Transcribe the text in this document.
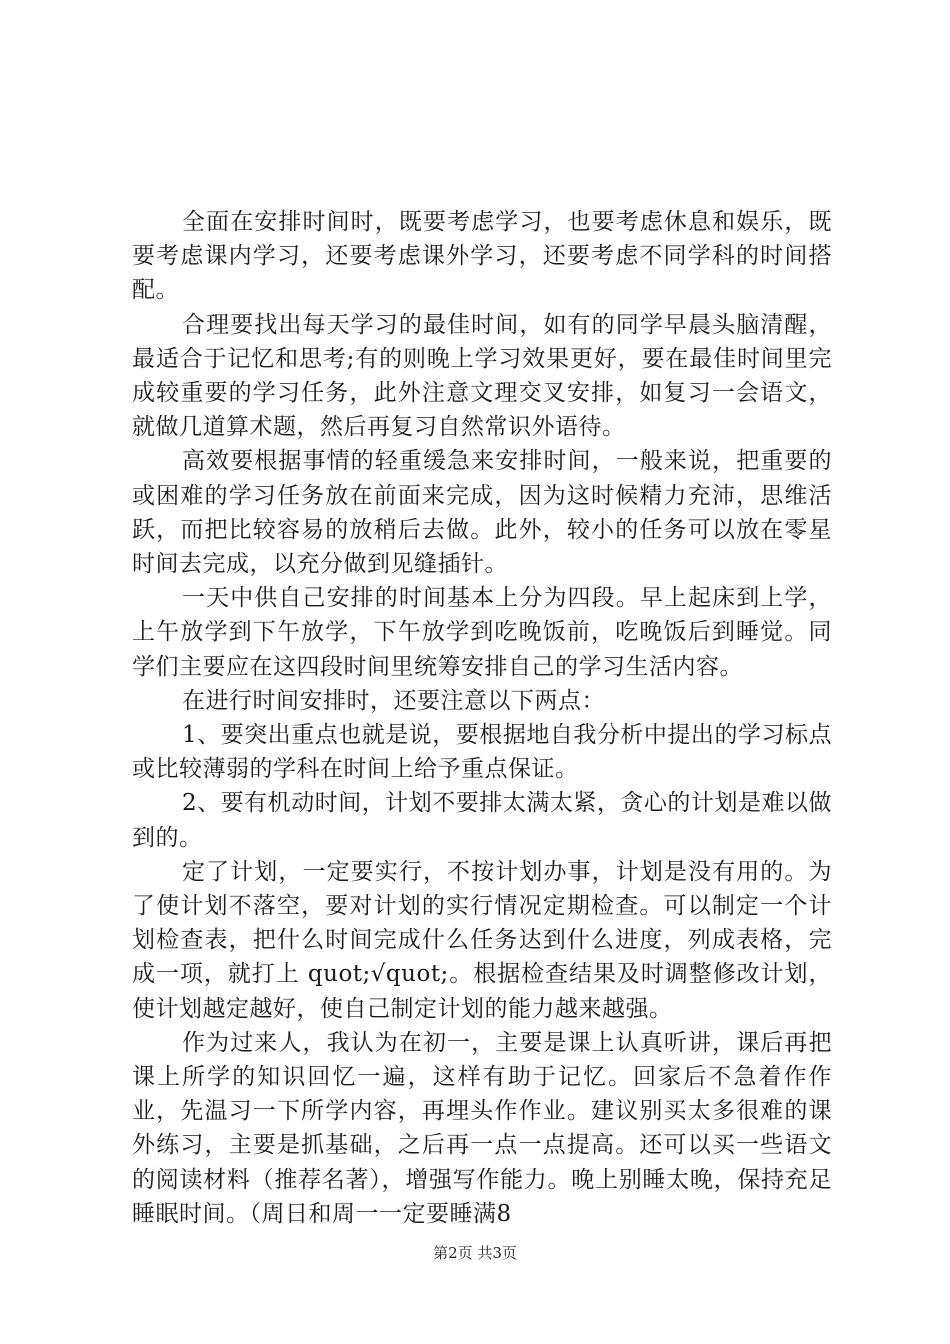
全面在安排时间时，既要考虑学习，也要考虑休息和娱乐，既要考虑课内学习，还要考虑课外学习，还要考虑不同学科的时间搭配。

合理要找出每天学习的最佳时间，如有的同学早晨头脑清醒，最适合于记忆和思考;有的则晚上学习效果更好，要在最佳时间里完成较重要的学习任务，此外注意文理交叉安排，如复习一会语文，就做几道算术题，然后再复习自然常识外语待。

高效要根据事情的轻重缓急来安排时间，一般来说，把重要的或困难的学习任务放在前面来完成，因为这时候精力充沛，思维活跃，而把比较容易的放稍后去做。此外，较小的任务可以放在零星时间去完成，以充分做到见缝插针。

一天中供自己安排的时间基本上分为四段。早上起床到上学，上午放学到下午放学，下午放学到吃晚饭前，吃晚饭后到睡觉。同学们主要应在这四段时间里统筹安排自己的学习生活内容。

在进行时间安排时，还要注意以下两点：

1、要突出重点也就是说，要根据地自我分析中提出的学习标点或比较薄弱的学科在时间上给予重点保证。

2、要有机动时间，计划不要排太满太紧，贪心的计划是难以做到的。

定了计划，一定要实行，不按计划办事，计划是没有用的。为了使计划不落空，要对计划的实行情况定期检查。可以制定一个计划检查表，把什么时间完成什么任务达到什么进度，列成表格，完成一项，就打上 quot;√quot;。根据检查结果及时调整修改计划，使计划越定越好，使自己制定计划的能力越来越强。

作为过来人，我认为在初一，主要是课上认真听讲，课后再把课上所学的知识回忆一遍，这样有助于记忆。回家后不急着作作业，先温习一下所学内容，再埋头作作业。建议别买太多很难的课外练习，主要是抓基础，之后再一点一点提高。还可以买一些语文的阅读材料（推荐名著），增强写作能力。晚上别睡太晚，保持充足睡眠时间。（周日和周一一定要睡满8

第2页 共3页
